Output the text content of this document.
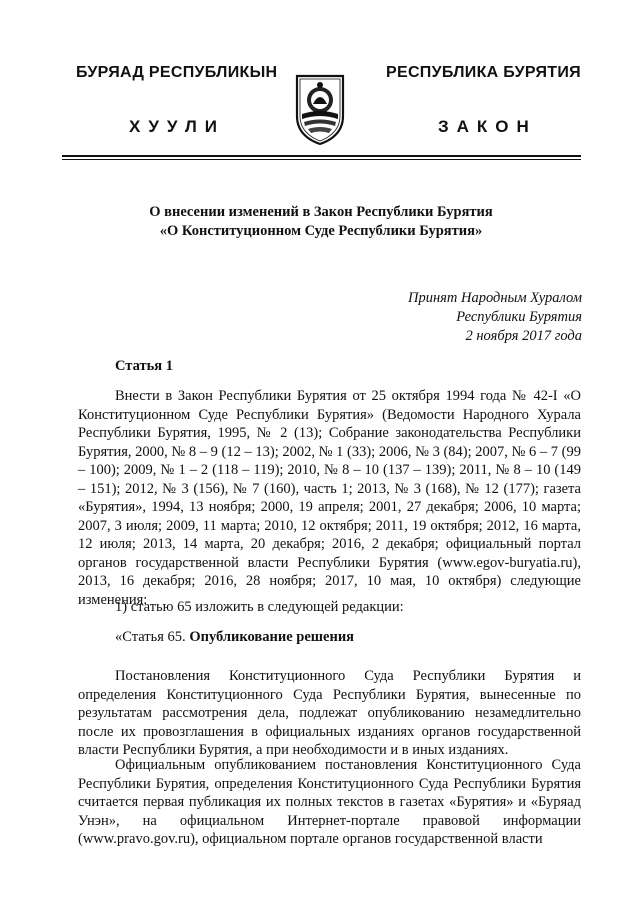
БУРЯАД РЕСПУБЛИКЫН	РЕСПУБЛИКА БУРЯТИЯ
ХУУЛИ	ЗАКОН
О внесении изменений в Закон Республики Бурятия
«О Конституционном Суде Республики Бурятия»
Принят Народным Хуралом
Республики Бурятия
2 ноября 2017 года
Статья 1

Внести в Закон Республики Бурятия от 25 октября 1994 года № 42-I «О Конституционном Суде Республики Бурятия» (Ведомости Народного Хурала Республики Бурятия, 1995, № 2 (13); Собрание законодательства Республики Бурятия, 2000, № 8 – 9 (12 – 13); 2002, № 1 (33); 2006, № 3 (84); 2007, № 6 – 7 (99 – 100); 2009, № 1 – 2 (118 – 119); 2010, № 8 – 10 (137 – 139); 2011, № 8 – 10 (149 – 151); 2012, № 3 (156), № 7 (160), часть 1; 2013, № 3 (168), № 12 (177); газета «Бурятия», 1994, 13 ноября; 2000, 19 апреля; 2001, 27 декабря; 2006, 10 марта; 2007, 3 июля; 2009, 11 марта; 2010, 12 октября; 2011, 19 октября; 2012, 16 марта, 12 июля; 2013, 14 марта, 20 декабря; 2016, 2 декабря; официальный портал органов государственной власти Республики Бурятия (www.egov-buryatia.ru), 2013, 16 декабря; 2016, 28 ноября; 2017, 10 мая, 10 октября) следующие изменения:

1) статью 65 изложить в следующей редакции:
«Статья 65. Опубликование решения

Постановления Конституционного Суда Республики Бурятия и определения Конституционного Суда Республики Бурятия, вынесенные по результатам рассмотрения дела, подлежат опубликованию незамедлительно после их провозглашения в официальных изданиях органов государственной власти Республики Бурятия, а при необходимости и в иных изданиях.

Официальным опубликованием постановления Конституционного Суда Республики Бурятия, определения Конституционного Суда Республики Бурятия считается первая публикация их полных текстов в газетах «Бурятия» и «Буряад Унэн», на официальном Интернет-портале правовой информации (www.pravo.gov.ru), официальном портале органов государственной власти
